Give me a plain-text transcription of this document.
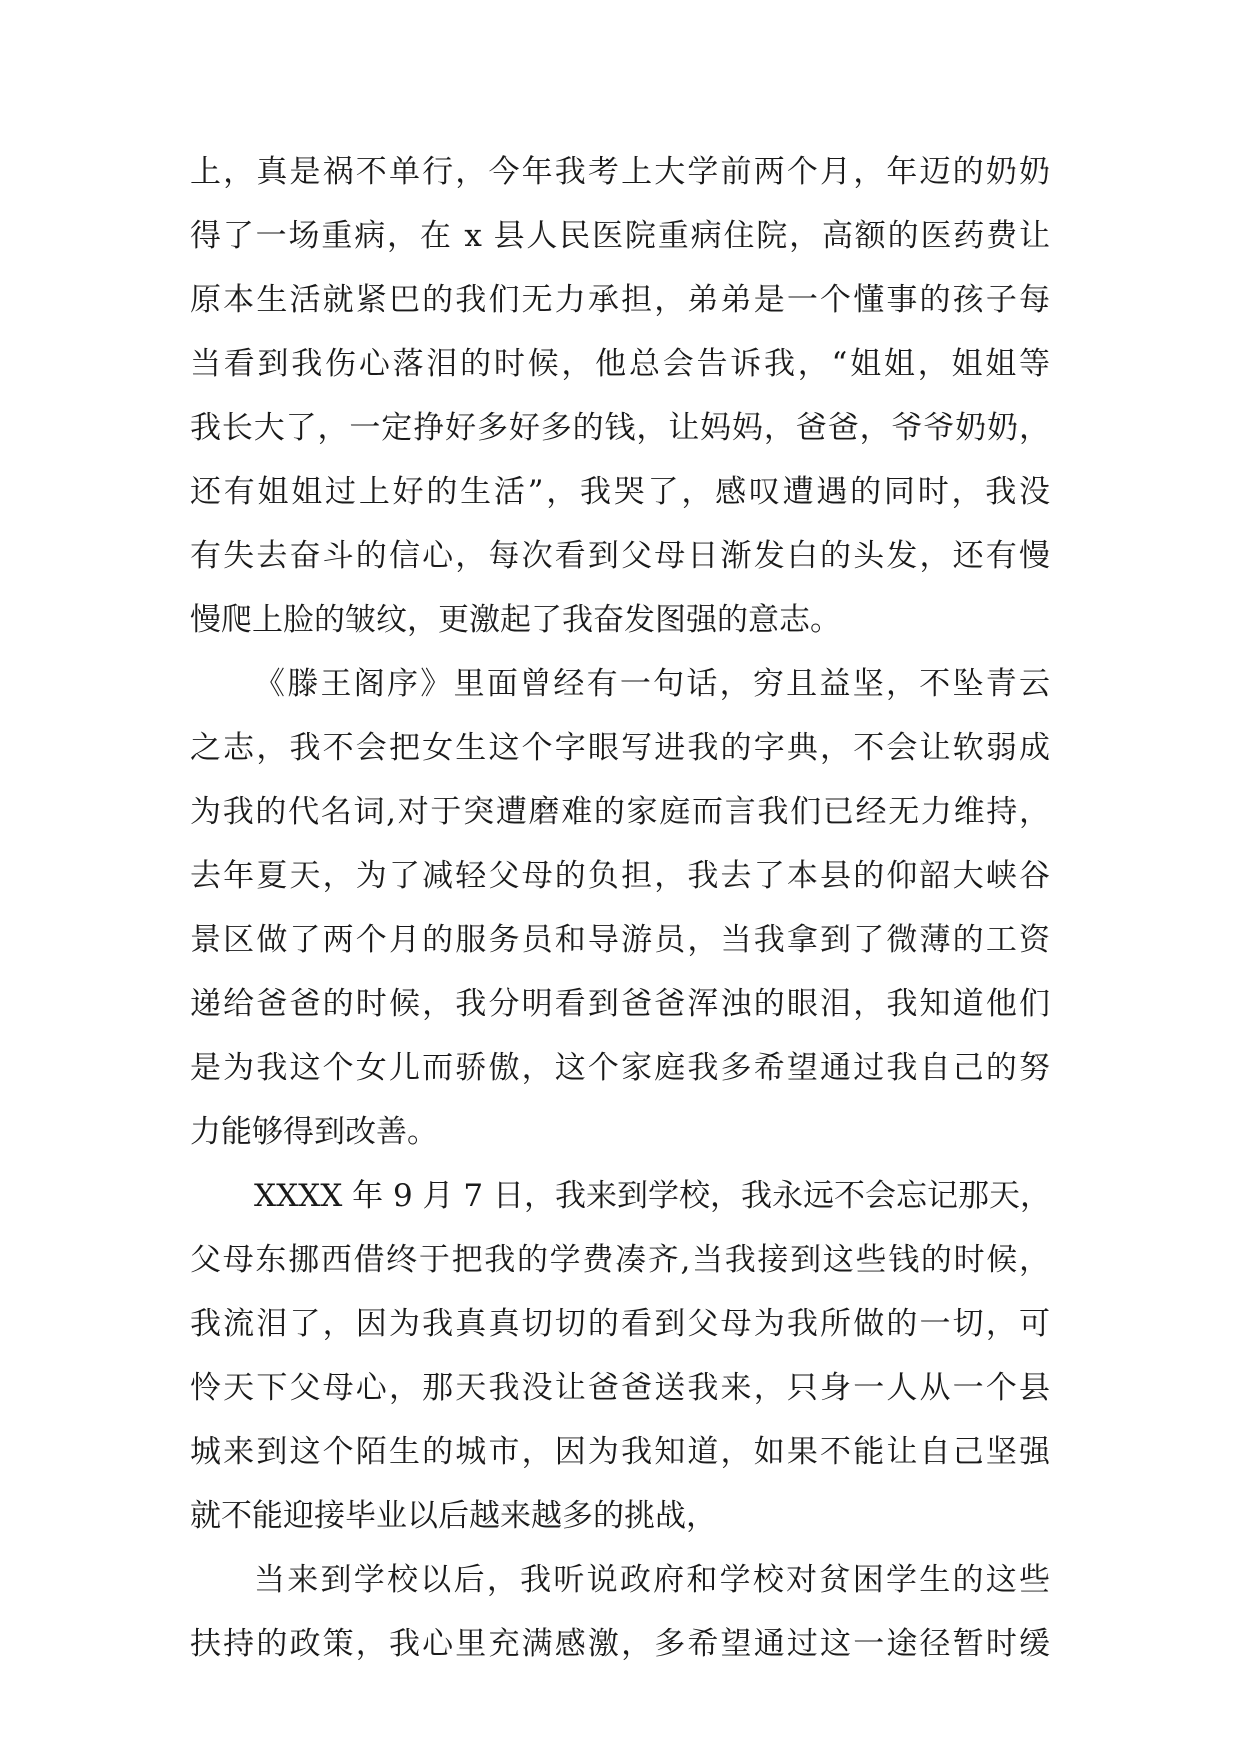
上，真是祸不单行，今年我考上大学前两个月，年迈的奶奶
得了一场重病，在 x 县人民医院重病住院，高额的医药费让
原本生活就紧巴的我们无力承担，弟弟是一个懂事的孩子每
当看到我伤心落泪的时候，他总会告诉我，“姐姐，姐姐等
我长大了，一定挣好多好多的钱，让妈妈，爸爸，爷爷奶奶，
还有姐姐过上好的生活”，我哭了，感叹遭遇的同时，我没
有失去奋斗的信心，每次看到父母日渐发白的头发，还有慢
慢爬上脸的皱纹，更激起了我奋发图强的意志。
《滕王阁序》里面曾经有一句话，穷且益坚，不坠青云
之志，我不会把女生这个字眼写进我的字典，不会让软弱成
为我的代名词,对于突遭磨难的家庭而言我们已经无力维持，
去年夏天，为了减轻父母的负担，我去了本县的仰韶大峡谷
景区做了两个月的服务员和导游员，当我拿到了微薄的工资
递给爸爸的时候，我分明看到爸爸浑浊的眼泪，我知道他们
是为我这个女儿而骄傲，这个家庭我多希望通过我自己的努
力能够得到改善。
XXXX 年 9 月 7 日，我来到学校，我永远不会忘记那天，
父母东挪西借终于把我的学费凑齐,当我接到这些钱的时候，
我流泪了，因为我真真切切的看到父母为我所做的一切，可
怜天下父母心，那天我没让爸爸送我来，只身一人从一个县
城来到这个陌生的城市，因为我知道，如果不能让自己坚强
就不能迎接毕业以后越来越多的挑战，
当来到学校以后，我听说政府和学校对贫困学生的这些
扶持的政策，我心里充满感激，多希望通过这一途径暂时缓
